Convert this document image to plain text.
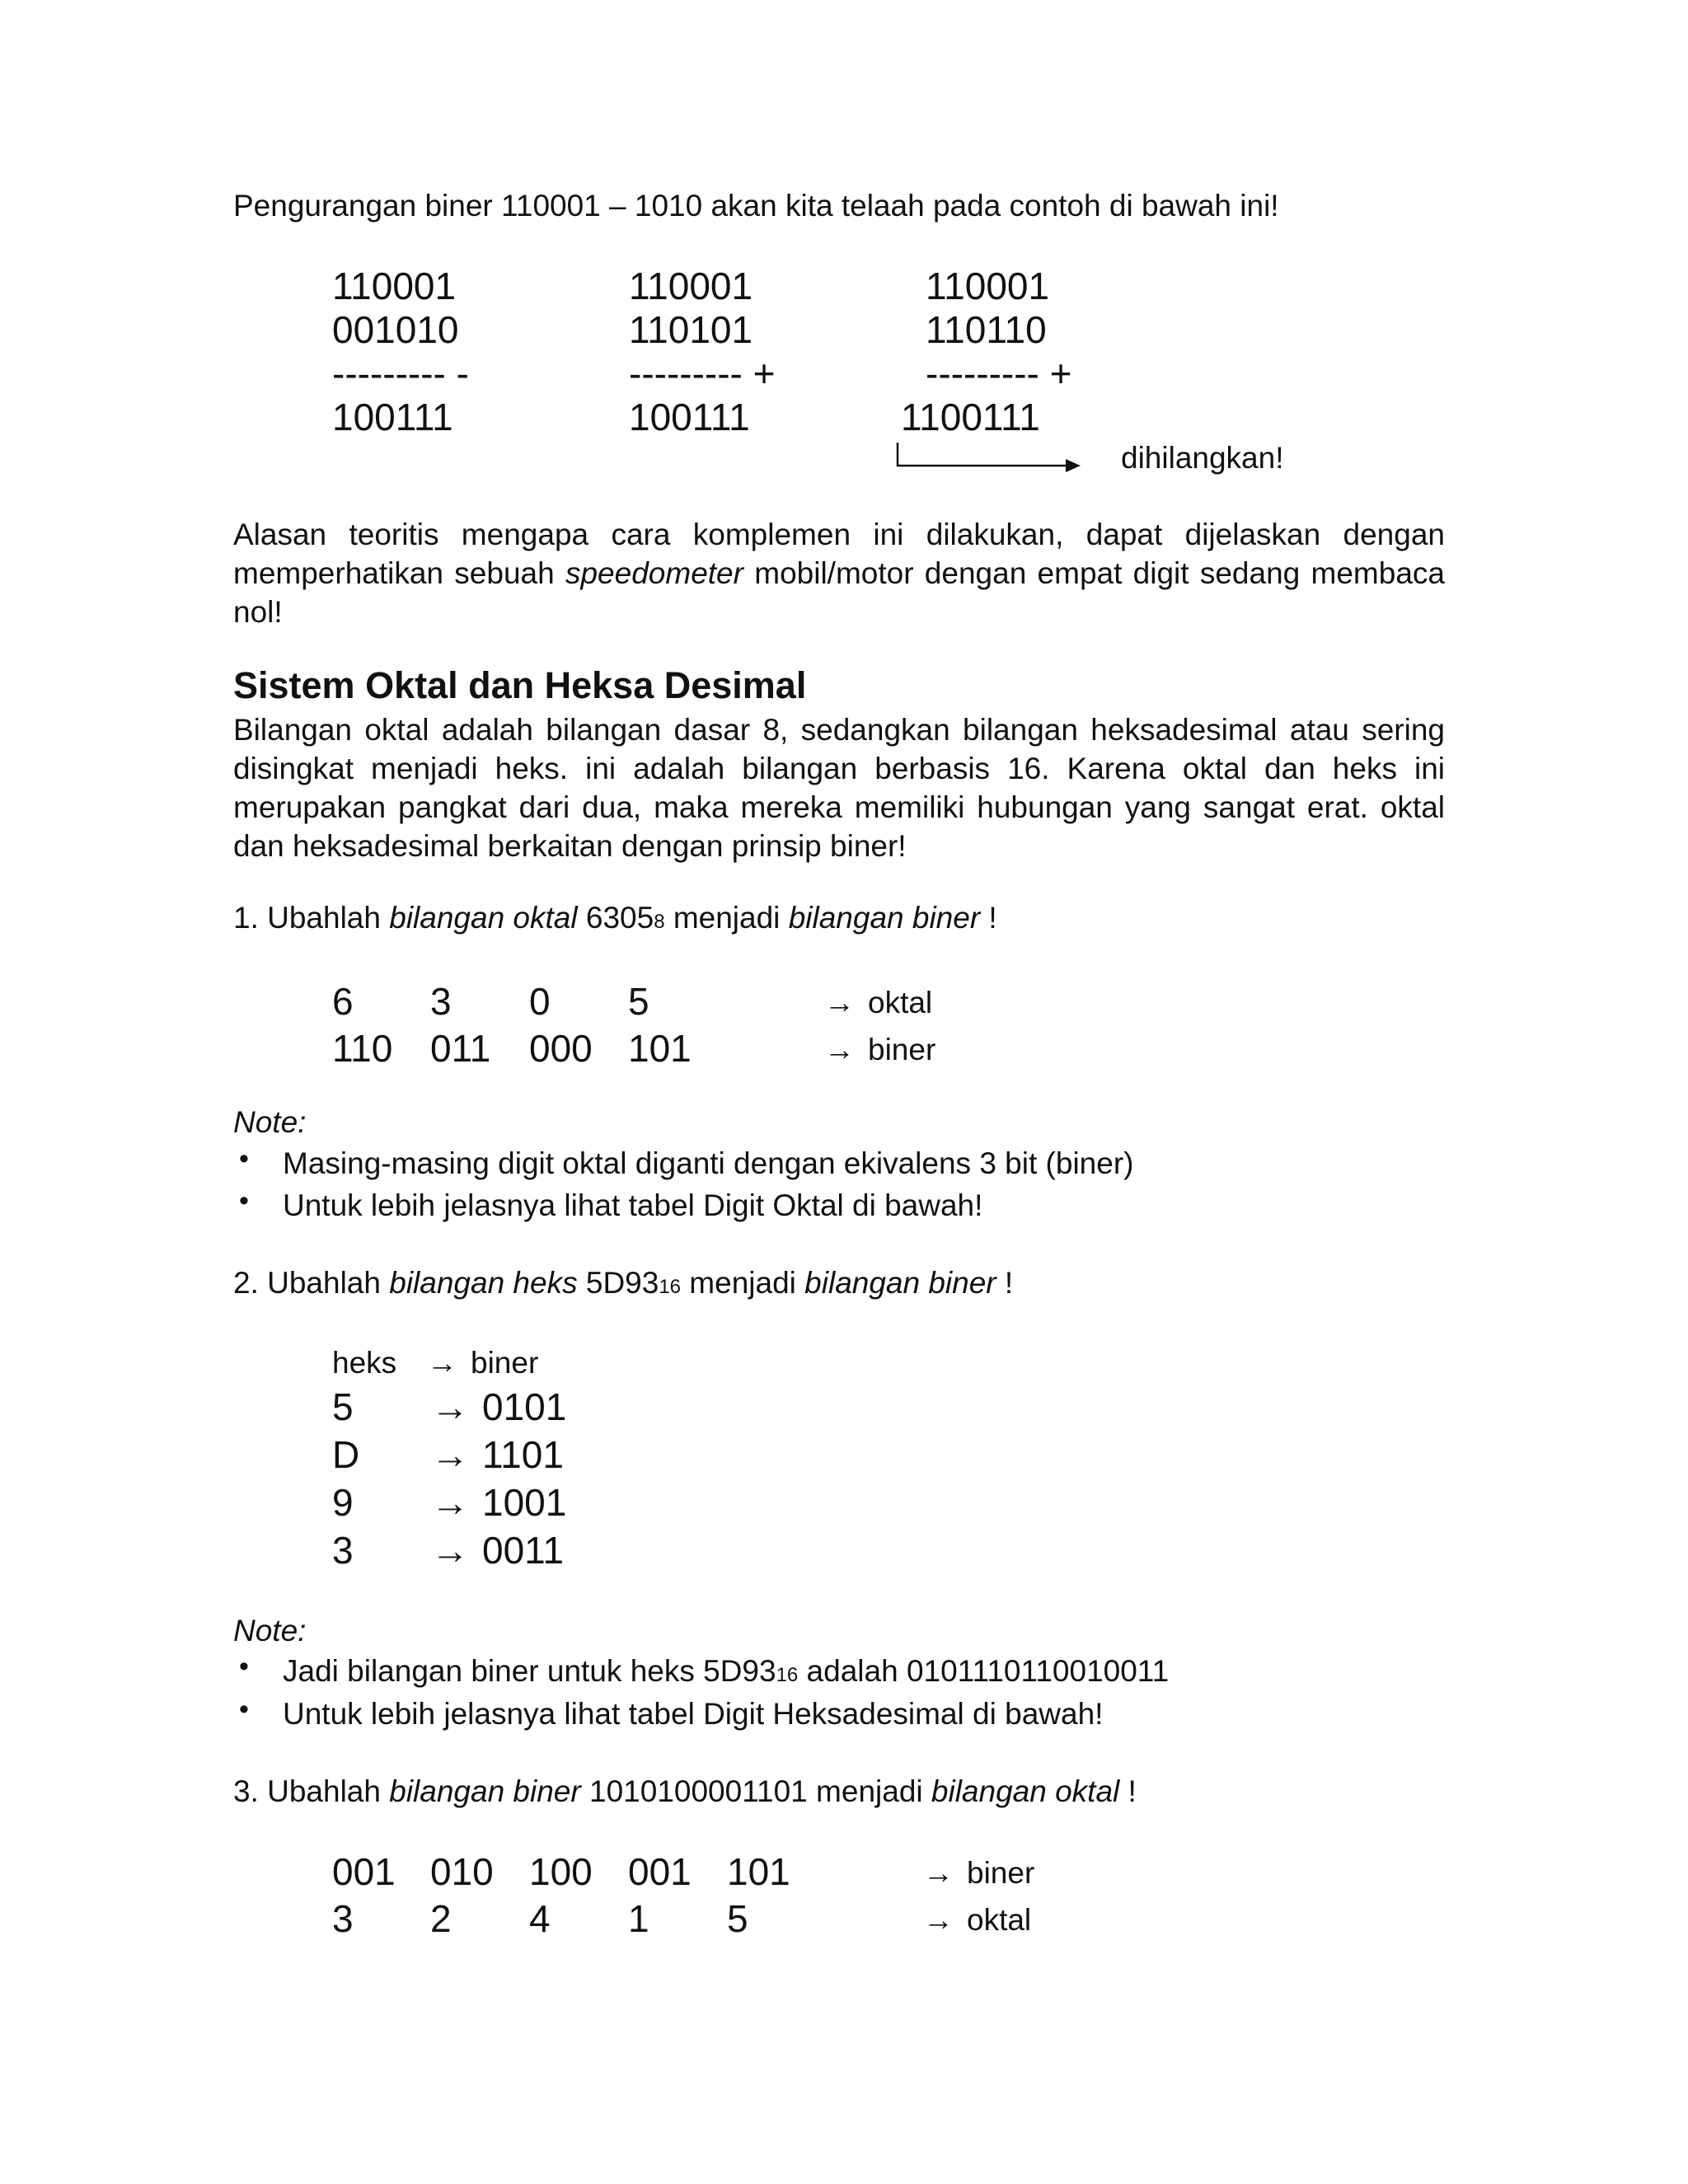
Pengurangan biner 110001 – 1010 akan kita telaah pada contoh di bawah ini!
110001
001010
--------- -
100111
110001
110101
--------- +
100111
110001
110110
--------- +
1100111
dihilangkan!
Alasan teoritis mengapa cara komplemen ini dilakukan, dapat dijelaskan dengan memperhatikan sebuah speedometer mobil/motor dengan empat digit sedang membaca nol!
Sistem Oktal dan Heksa Desimal
Bilangan oktal adalah bilangan dasar 8, sedangkan bilangan heksadesimal atau sering disingkat menjadi heks. ini adalah bilangan berbasis 16. Karena oktal dan heks ini merupakan pangkat dari dua, maka mereka memiliki hubungan yang sangat erat. oktal dan heksadesimal berkaitan dengan prinsip biner!
1. Ubahlah bilangan oktal 63058 menjadi bilangan biner !
6 3 0 5	→ oktal
110 011 000 101	→ biner
Note:
• Masing-masing digit oktal diganti dengan ekivalens 3 bit (biner)
• Untuk lebih jelasnya lihat tabel Digit Oktal di bawah!
2. Ubahlah bilangan heks 5D9316 menjadi bilangan biner !
heks → biner
5 → 0101
D → 1101
9 → 1001
3 → 0011
Note:
• Jadi bilangan biner untuk heks 5D9316 adalah 0101110110010011
• Untuk lebih jelasnya lihat tabel Digit Heksadesimal di bawah!
3. Ubahlah bilangan biner 1010100001101 menjadi bilangan oktal !
001 010 100 001 101	→ biner
3 2 4 1 5	→ oktal
